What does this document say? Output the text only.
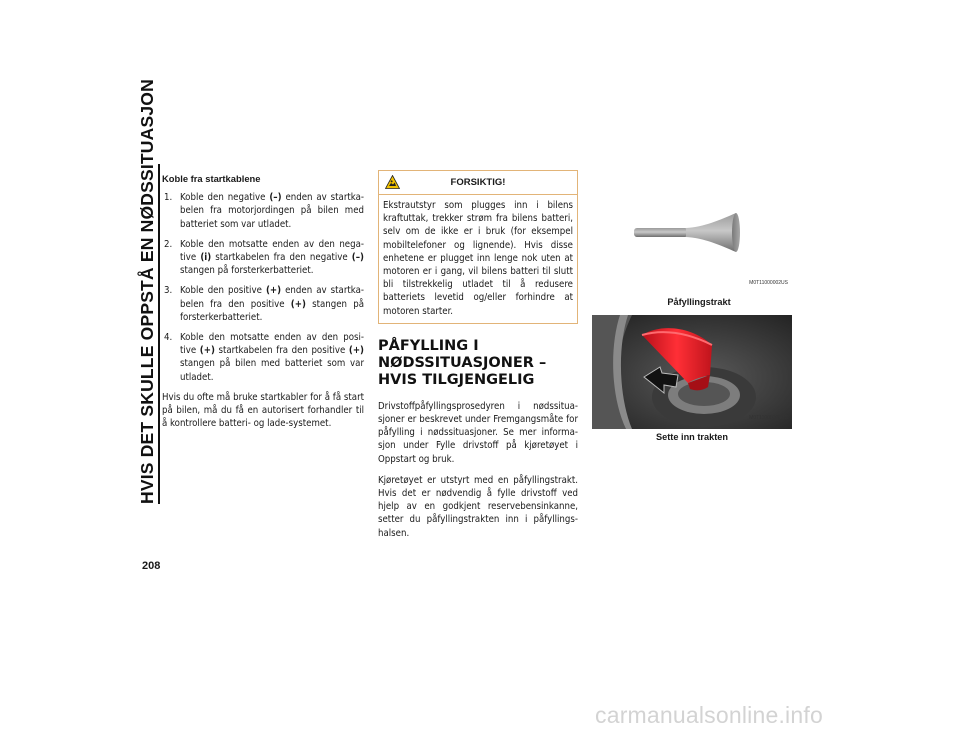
HVIS DET SKULLE OPPSTÅ EN NØDSSITUASJON
208
Koble fra startkablene
1. Koble den negative (–) enden av startka-belen fra motorjordingen på bilen med batteriet som var utladet.
2. Koble den motsatte enden av den nega-tive (i) startkabelen fra den negative (–) stangen på forsterkerbatteriet.
3. Koble den positive (+) enden av startka-belen fra den positive (+) stangen på forsterkerbatteriet.
4. Koble den motsatte enden av den posi-tive (+) startkabelen fra den positive (+) stangen på bilen med batteriet som var utladet.

Hvis du ofte må bruke startkabler for å få start på bilen, må du få en autorisert forhandler til å kontrollere batteri- og lade-systemet.

FORSIKTIG!
Ekstrautstyr som plugges inn i bilens kraftuttak, trekker strøm fra bilens batteri, selv om de ikke er i bruk (for eksempel mobiltelefoner og lignende). Hvis disse enhetene er plugget inn lenge nok uten at motoren er i gang, vil bilens batteri til slutt bli tilstrekkelig utladet til å redusere batteriets levetid og/eller forhindre at motoren starter.
PÅFYLLING I NØDSSITUASJONER – HVIS TILGJENGELIG

Drivstoffpåfyllingsprosedyren i nødssitua-sjoner er beskrevet under Fremgangsmåte for påfylling i nødssituasjoner. Se mer informa-sjon under Fylle drivstoff på kjøretøyet i Oppstart og bruk.

Kjøretøyet er utstyrt med en påfyllingstrakt. Hvis det er nødvendig å fylle drivstoff ved hjelp av en godkjent reservebensinkanne, setter du påfyllingstrakten inn i påfyllings-halsen.

M0T11000002US
Påfyllingstrakt
M0T11000003US
Sette inn trakten
carmanualsonline.info
